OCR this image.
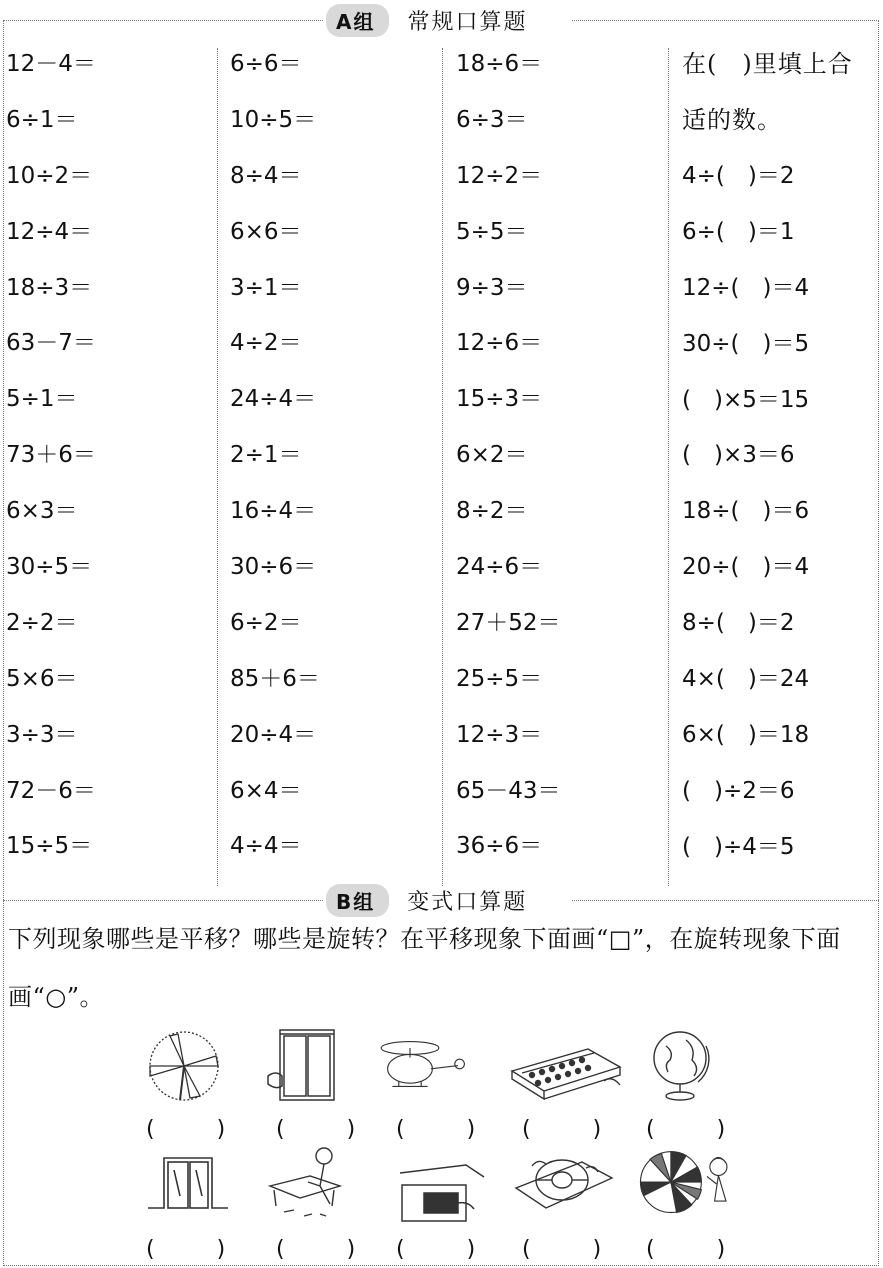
A组	常规口算题
12－4＝
6÷1＝
10÷2＝
12÷4＝
18÷3＝
63－7＝
5÷1＝
73＋6＝
6×3＝
30÷5＝
2÷2＝
5×6＝
3÷3＝
72－6＝
15÷5＝
6÷6＝
10÷5＝
8÷4＝
6×6＝
3÷1＝
4÷2＝
24÷4＝
2÷1＝
16÷4＝
30÷6＝
6÷2＝
85＋6＝
20÷4＝
6×4＝
4÷4＝
18÷6＝
6÷3＝
12÷2＝
5÷5＝
9÷3＝
12÷6＝
15÷3＝
6×2＝
8÷2＝
24÷6＝
27＋52＝
25÷5＝
12÷3＝
65－43＝
36÷6＝
在(　)里填上合
适的数。
4÷(　)＝2
6÷(　)＝1
12÷(　)＝4
30÷(　)＝5
(　)×5＝15
(　)×3＝6
18÷(　)＝6
20÷(　)＝4
8÷(　)＝2
4×(　)＝24
6×(　)＝18
(　)÷2＝6
(　)÷4＝5
B组	变式口算题
下列现象哪些是平移？哪些是旋转？在平移现象下面画“□”，在旋转现象下面画“○”。
(　) (　) (　) (　) (　)
(　) (　) (　) (　) (　)
